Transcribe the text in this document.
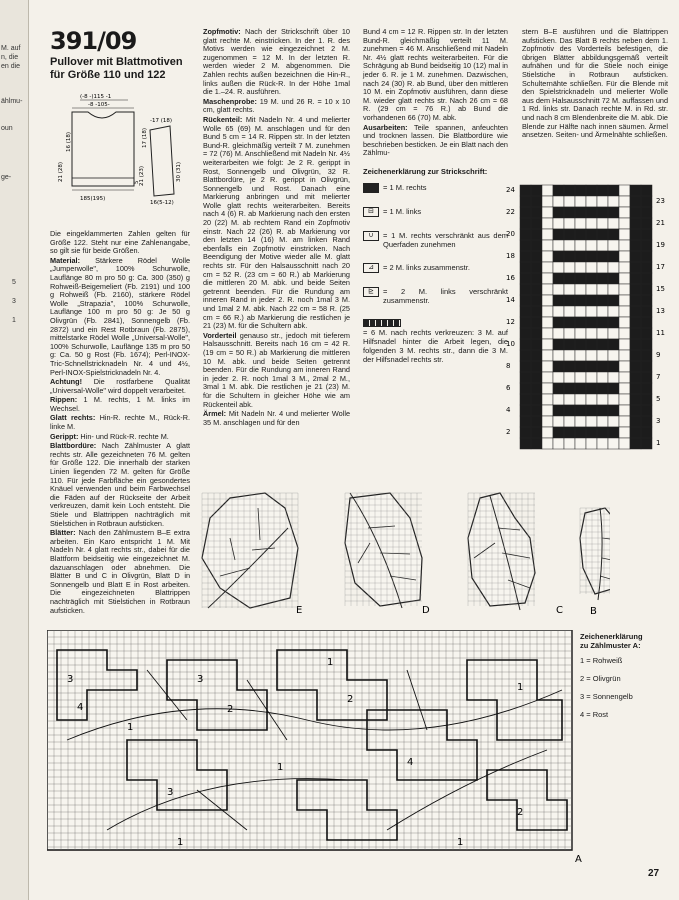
M. auf
n, die
en die
ählmu-
oun
ge-
5
3
1
391/09
Pullover mit Blattmotiven
für Größe 110 und 122
(-8 -)115 -1
-8 -105-
-17 (18)
21 (28)
16 (18)
5 21 (23)	30 (31)
17 (18)
185(195)
16(5-12)

Die eingeklammerten Zahlen gelten für Größe 122. Steht nur eine Zahlenangabe, so gilt sie für beide Größen.

Material: Stärkere Rödel Wolle „Jumperwolle", 100% Schurwolle, Lauflänge 80 m pro 50 g: Ca. 300 (350) g Rohweiß-Beigemeliert (Fb. 2191) und 100 g Rohweiß (Fb. 2160), stärkere Rödel Wolle „Strapazia", 100% Schurwolle, Lauflänge 100 m pro 50 g: Je 50 g Olivgrün (Fb. 2841), Sonnengelb (Fb. 2872) und ein Rest Rotbraun (Fb. 2875), mittelstarke Rödel Wolle „Universal-Wolle", 100% Schurwolle, Lauflänge 135 m pro 50 g: Ca. 50 g Rost (Fb. 1674); Perl-INOX-Tric-Schnellstricknadeln Nr. 4 und 4½, Perl-INOX-Spielstricknadeln Nr. 4.

Achtung! Die rostfarbene Qualität „Universal-Wolle" wird doppelt verarbeitet.

Rippen: 1 M. rechts, 1 M. links im Wechsel.

Glatt rechts: Hin-R. rechte M., Rück-R. linke M.

Gerippt: Hin- und Rück-R. rechte M.

Blattbordüre: Nach Zählmuster A glatt rechts str. Alle gezeichneten 76 M. gelten für Größe 122. Die innerhalb der starken Linien liegenden 72 M. gelten für Größe 110. Für jede Farbfläche ein gesondertes Knäuel verwenden und beim Farbwechsel die Fäden auf der Rückseite der Arbeit verkreuzen, damit kein Loch entsteht. Die Stiele und Blattrippen nachträglich mit Stielstichen in Rotbraun aufsticken.

Blätter: Nach den Zählmustern B–E extra arbeiten. Ein Karo entspricht 1 M. Mit Nadeln Nr. 4 glatt rechts str., dabei für die Blattform beidseitig wie eingezeichnet M. dazuanschlagen oder abnehmen. Die Blätter B und C in Olivgrün, Blatt D in Sonnengelb und Blatt E in Rost arbeiten. Die eingezeichneten Blattrippen nachträglich mit Stielstichen in Rotbraun aufsticken.

Zopfmotiv: Nach der Strickschrift über 10 glatt rechte M. einstricken. In der 1. R. des Motivs werden wie eingezeichnet 2 M. zugenommen = 12 M. In der letzten R. werden wieder 2 M. abgenommen. Die Zahlen rechts außen bezeichnen die Hin-R., links außen die Rück-R. In der Höhe 1mal die 1.–24. R. ausführen.

Maschenprobe: 19 M. und 26 R. = 10 x 10 cm, glatt rechts.

Rückenteil: Mit Nadeln Nr. 4 und melierter Wolle 65 (69) M. anschlagen und für den Bund 5 cm = 14 R. Rippen str. In der letzten Bund-R. gleichmäßig verteilt 7 M. zunehmen = 72 (76) M. Anschließend mit Nadeln Nr. 4½ weiterarbeiten wie folgt: Je 2 R. gerippt in Rost, Sonnengelb und Olivgrün, 32 R. Blattbordüre, je 2 R. gerippt in Olivgrün, Sonnengelb und Rost. Danach eine Markierung anbringen und mit melierter Wolle glatt rechts weiterarbeiten. Bereits nach 4 (6) R. ab Markierung nach den ersten 20 (22) M. ab rechtem Rand ein Zopfmotiv einstr. Nach 22 (26) R. ab Markierung vor den letzten 14 (16) M. am linken Rand ebenfalls ein Zopfmotiv einstricken. Nach Beendigung der Motive wieder alle M. glatt rechts str. Für den Halsausschnitt nach 20 cm = 52 R. (23 cm = 60 R.) ab Markierung die mittleren 20 M. abk. und beide Seiten getrennt beenden. Für die Rundung am inneren Rand in jeder 2. R. noch 1mal 3 M. und 1mal 2 M. abk. Nach 22 cm = 58 R. (25 cm = 66 R.) ab Markierung die restlichen je 21 (23) M. für die Schultern abk.

Vorderteil genauso str., jedoch mit tieferem Halsausschnitt. Bereits nach 16 cm = 42 R. (19 cm = 50 R.) ab Markierung die mittleren 10 M. abk. und beide Seiten getrennt beenden. Für die Rundung am inneren Rand in jeder 2. R. noch 1mal 3 M., 2mal 2 M., 3mal 1 M. abk. Die restlichen je 21 (23) M. für die Schultern in gleicher Höhe wie am Rückenteil abk.

Ärmel: Mit Nadeln Nr. 4 und melierter Wolle 35 M. anschlagen und für den

Bund 4 cm = 12 R. Rippen str. In der letzten Bund-R. gleichmäßig verteilt 11 M. zunehmen = 46 M. Anschließend mit Nadeln Nr. 4½ glatt rechts weiterarbeiten. Für die Schrägung ab Bund beidseitig 10 (12) mal in jeder 6. R. je 1 M. zunehmen. Dazwischen, nach 24 (30) R. ab Bund, über den mittleren 10 M. ein Zopfmotiv ausführen, dann diese M. wieder glatt rechts str. Nach 26 cm = 68 R. (29 cm = 76 R.) ab Bund die vorhandenen 66 (70) M. abk.

Ausarbeiten: Teile spannen, anfeuchten und trocknen lassen. Die Blattbordüre wie beschrieben besticken. Je ein Blatt nach den Zählmu-

Zeichenerklärung zur Strickschrift:
= 1 M. rechts
⊟	= 1 M. links
∪	= 1 M. rechts verschränkt aus dem Querfaden zunehmen
⊿	= 2 M. links zusammenstr.
⊵	= 2 M. links verschränkt zusammenstr.
= 6 M. nach rechts verkreuzen: 3 M. auf Hilfsnadel hinter die Arbeit legen, die folgenden 3 M. rechts str., dann die 3 M. der Hilfsnadel rechts str.

stern B–E ausführen und die Blattrippen aufsticken. Das Blatt B rechts neben dem 1. Zopfmotiv des Vorderteils befestigen, die übrigen Blätter abbildungsgemäß verteilt aufnähen und für die Stiele noch einige Stielstiche in Rotbraun aufsticken. Schulternähte schließen. Für die Blende mit den Spielstricknadeln und melierter Wolle aus dem Halsausschnitt 72 M. auffassen und 1 Rd. links str. Danach rechte M. in Rd. str. und nach 8 cm Blendenbreite die M. abk. Die Blende zur Hälfte nach innen säumen. Ärmel ansetzen. Seiten- und Ärmelnähte schließen.

24
22
20
18
16
14
12
10
8
6
4
2
23
21
19
17
15
13
11
9
7
5
3
1
E	D	C	B
3	3
2
2
4
1
1	4
1
3
1
1
2
1
A
Zeichenerklärung
zu Zählmuster A:
1 = Rohweiß
2 = Olivgrün
3 = Sonnengelb
4 = Rost
27
